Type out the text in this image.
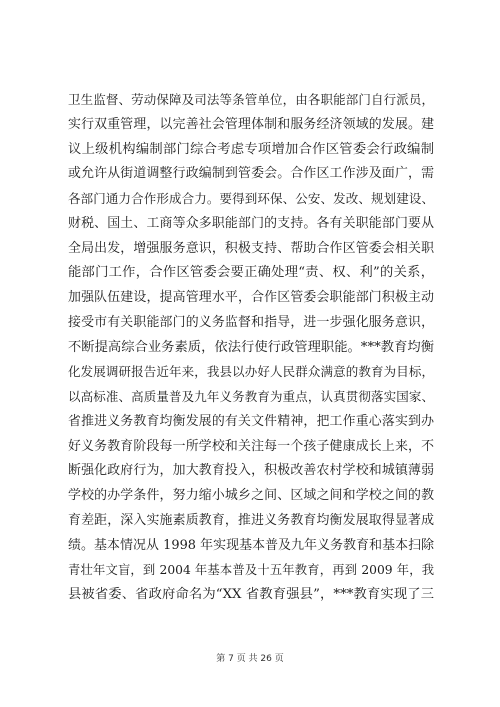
卫生监督、劳动保障及司法等条管单位，由各职能部门自行派员，
实行双重管理，以完善社会管理体制和服务经济领域的发展。建
议上级机构编制部门综合考虑专项增加合作区管委会行政编制
或允许从街道调整行政编制到管委会。合作区工作涉及面广，需
各部门通力合作形成合力。要得到环保、公安、发改、规划建设、
财税、国土、工商等众多职能部门的支持。各有关职能部门要从
全局出发，增强服务意识，积极支持、帮助合作区管委会相关职
能部门工作，合作区管委会要正确处理“责、权、利”的关系，
加强队伍建设，提高管理水平，合作区管委会职能部门积极主动
接受市有关职能部门的义务监督和指导，进一步强化服务意识，
不断提高综合业务素质，依法行使行政管理职能。***教育均衡
化发展调研报告近年来，我县以办好人民群众满意的教育为目标，
以高标准、高质量普及九年义务教育为重点，认真贯彻落实国家、
省推进义务教育均衡发展的有关文件精神，把工作重心落实到办
好义务教育阶段每一所学校和关注每一个孩子健康成长上来，不
断强化政府行为，加大教育投入，积极改善农村学校和城镇薄弱
学校的办学条件，努力缩小城乡之间、区域之间和学校之间的教
育差距，深入实施素质教育，推进义务教育均衡发展取得显著成
绩。基本情况从 1998 年实现基本普及九年义务教育和基本扫除
青壮年文盲，到 2004 年基本普及十五年教育，再到 2009 年，我
县被省委、省政府命名为“XX 省教育强县”，***教育实现了三
第 7 页 共 26 页
